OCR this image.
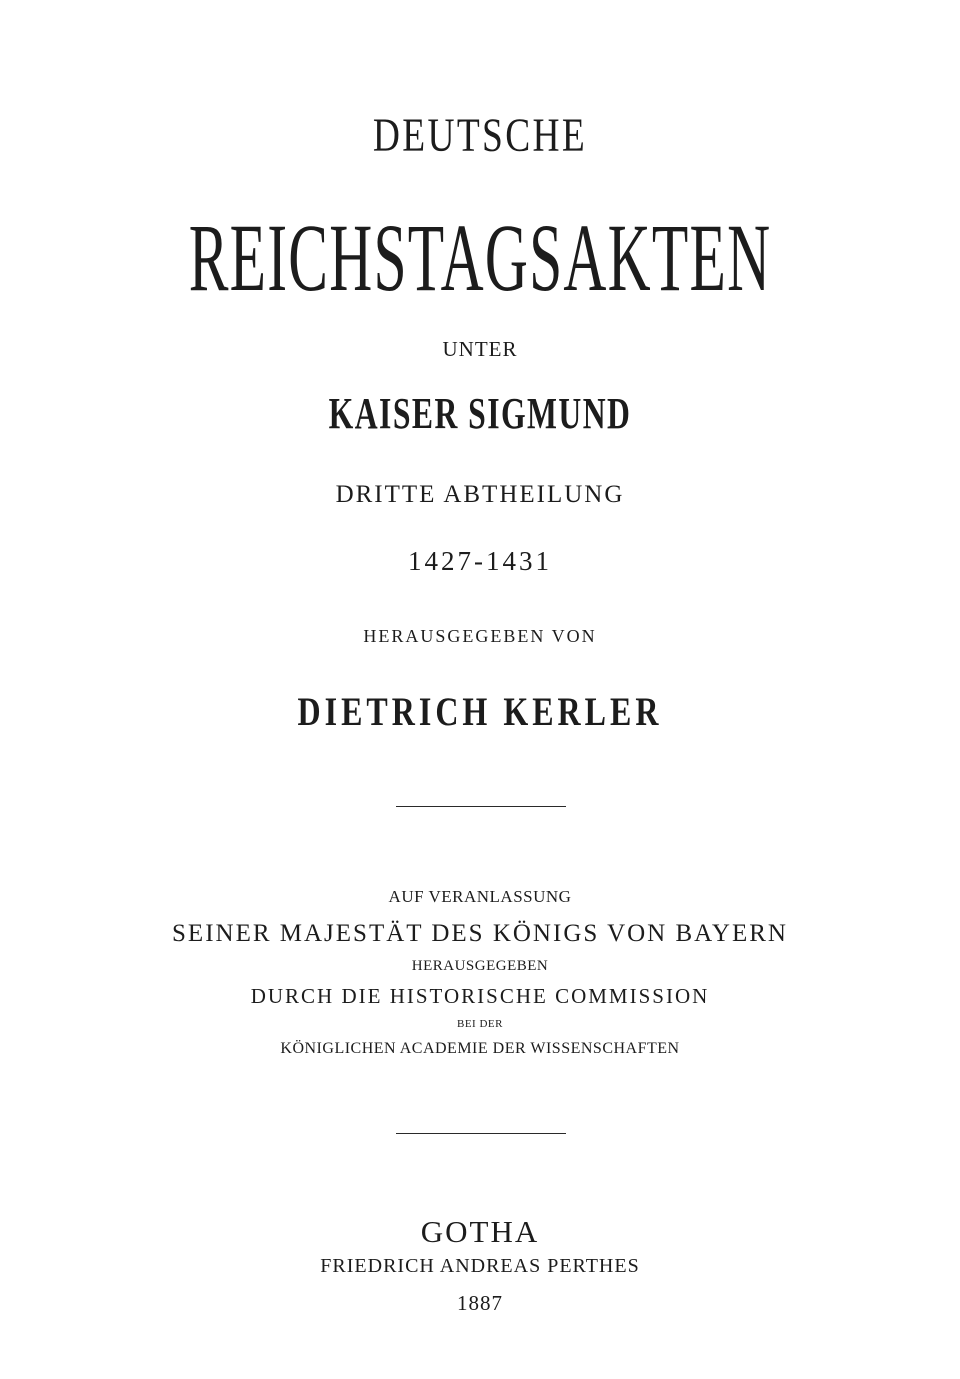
DEUTSCHE
REICHSTAGSAKTEN
UNTER
KAISER SIGMUND
DRITTE ABTHEILUNG
1427-1431
HERAUSGEGEBEN VON
DIETRICH KERLER
AUF VERANLASSUNG
SEINER MAJESTÄT DES KÖNIGS VON BAYERN
HERAUSGEGEBEN
DURCH DIE HISTORISCHE COMMISSION
BEI DER
KÖNIGLICHEN ACADEMIE DER WISSENSCHAFTEN
GOTHA
FRIEDRICH ANDREAS PERTHES
1887
